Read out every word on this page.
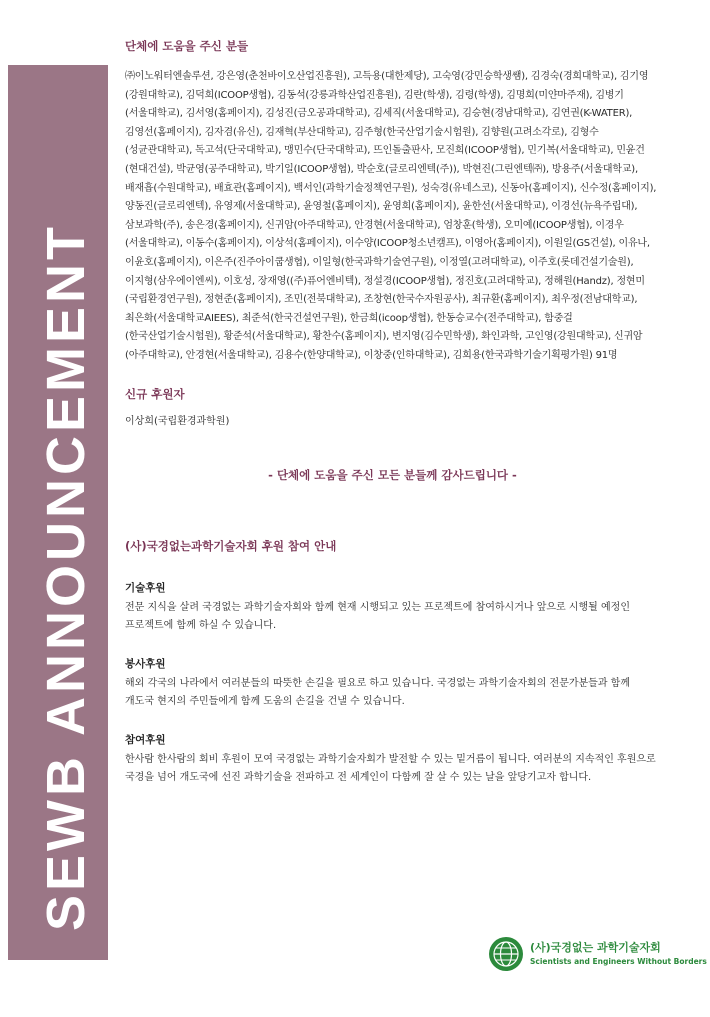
SEWB ANNOUNCEMENT
단체에 도움을 주신 분들

㈜이노워터엔솔루션, 강은영(춘천바이오산업진흥원), 고득용(대한제당), 고숙영(강민승학생쌤), 김경숙(경희대학교), 김기영(강원대학교), 김덕희(ICOOP생협), 김동석(강릉과학산업진흥원), 김란(학생), 김령(학생), 김명희(미얀마주재), 김병기(서울대학교), 김서영(홈페이지), 김성진(금오공과대학교), 김세직(서울대학교), 김승현(경남대학교), 김연권(K-WATER), 김영선(홈페이지), 김자겸(유신), 김재혁(부산대학교), 김주형(한국산업기술시험원), 김향원(고려소각로), 김형수(성균관대학교), 독고석(단국대학교), 맹민수(단국대학교), 뜨인돌출판사, 모진희(ICOOP생협), 민기복(서울대학교), 민윤건(현대건설), 박균영(공주대학교), 박기일(ICOOP생협), 박순호(글로리엔텍(주)), 박현진(그린엔텍㈜), 방용주(서울대학교), 배재흡(수원대학교), 배효관(홈페이지), 백서인(과학기술정책연구원), 성숙경(유네스코), 신동아(홈페이지), 신수정(홈페이지), 양동진(글로리엔텍), 유영제(서울대학교), 윤영철(홈페이지), 윤영희(홈페이지), 윤한선(서울대학교), 이경선(뉴욕주립대), 삼보과학(주), 송은경(홈페이지), 신귀암(아주대학교), 안경현(서울대학교), 엄창훈(학생), 오미예(ICOOP생협), 이경우(서울대학교), 이동수(홈페이지), 이상석(홈페이지), 이수양(ICOOP청소년캠프), 이영아(홈페이지), 이원일(GS건설), 이유나, 이윤호(홈페이지), 이은주(진주아이쿱생협), 이일형(한국과학기술연구원), 이정열(고려대학교), 이주호(롯데건설기술원), 이지형(삼우에이엔씨), 이호성, 장재영((주)퓨어엔비텍), 정설경(ICOOP생협), 정진호(고려대학교), 정해원(Handz), 정현미(국립환경연구원), 정현준(홈페이지), 조민(전북대학교), 조창현(한국수자원공사), 최규환(홈페이지), 최우정(전남대학교), 최은화(서울대학교AIEES), 최준석(한국건설연구원), 한금희(icoop생협), 한동승교수(전주대학교), 함중걸(한국산업기술시험원), 황준석(서울대학교), 황찬수(홈페이지), 변지영(김수민학생), 화인과학, 고인영(강원대학교), 신귀암(아주대학교), 안경현(서울대학교), 김용수(한양대학교), 이창중(인하대학교), 김희용(한국과학기술기획평가원) 91명

신규 후원자

이상희(국립환경과학원)

- 단체에 도움을 주신 모든 분들께 감사드립니다 -
(사)국경없는과학기술자회 후원 참여 안내
기술후원

전문 지식을 살려 국경없는 과학기술자회와 함께 현재 시행되고 있는 프로젝트에 참여하시거나 앞으로 시행될 예정인 프로젝트에 함께 하실 수 있습니다.

봉사후원

해외 각국의 나라에서 여러분들의 따뜻한 손길을 필요로 하고 있습니다. 국경없는 과학기술자회의 전문가분들과 함께 개도국 현지의 주민들에게 함께 도움의 손길을 건낼 수 있습니다.

참여후원

한사람 한사람의 회비 후원이 모여 국경없는 과학기술자회가 발전할 수 있는 밑거름이 됩니다. 여러분의 지속적인 후원으로 국경을 넘어 개도국에 선진 과학기술을 전파하고 전 세계인이 다함께 잘 살 수 있는 날을 앞당기고자 합니다.

(사)국경없는 과학기술자회
Scientists and Engineers Without Borders
